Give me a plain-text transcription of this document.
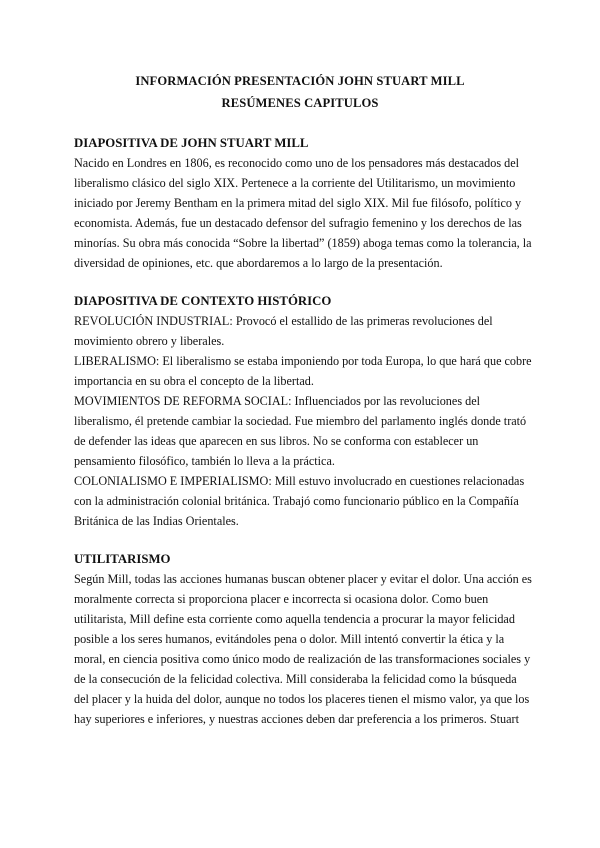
INFORMACIÓN PRESENTACIÓN JOHN STUART MILL
RESÚMENES CAPITULOS
DIAPOSITIVA DE JOHN STUART MILL

Nacido en Londres en 1806, es reconocido como uno de los pensadores más destacados del liberalismo clásico del siglo XIX. Pertenece a la corriente del Utilitarismo, un movimiento iniciado por Jeremy Bentham en la primera mitad del siglo XIX. Mil fue filósofo, político y economista. Además, fue un destacado defensor del sufragio femenino y los derechos de las minorías. Su obra más conocida “Sobre la libertad” (1859) aboga temas como la tolerancia, la diversidad de opiniones, etc. que abordaremos a lo largo de la presentación.

DIAPOSITIVA DE CONTEXTO HISTÓRICO

REVOLUCIÓN INDUSTRIAL: Provocó el estallido de las primeras revoluciones del movimiento obrero y liberales.

LIBERALISMO: El liberalismo se estaba imponiendo por toda Europa, lo que hará que cobre importancia en su obra el concepto de la libertad.

MOVIMIENTOS DE REFORMA SOCIAL: Influenciados por las revoluciones del liberalismo, él pretende cambiar la sociedad. Fue miembro del parlamento inglés donde trató de defender las ideas que aparecen en sus libros. No se conforma con establecer un pensamiento filosófico, también lo lleva a la práctica.

COLONIALISMO E IMPERIALISMO: Mill estuvo involucrado en cuestiones relacionadas con la administración colonial británica. Trabajó como funcionario público en la Compañía Británica de las Indias Orientales.

UTILITARISMO

Según Mill, todas las acciones humanas buscan obtener placer y evitar el dolor. Una acción es moralmente correcta si proporciona placer e incorrecta si ocasiona dolor. Como buen utilitarista, Mill define esta corriente como aquella tendencia a procurar la mayor felicidad posible a los seres humanos, evitándoles pena o dolor. Mill intentó convertir la ética y la moral, en ciencia positiva como único modo de realización de las transformaciones sociales y de la consecución de la felicidad colectiva. Mill consideraba la felicidad como la búsqueda del placer y la huida del dolor, aunque no todos los placeres tienen el mismo valor, ya que los hay superiores e inferiores, y nuestras acciones deben dar preferencia a los primeros. Stuart
